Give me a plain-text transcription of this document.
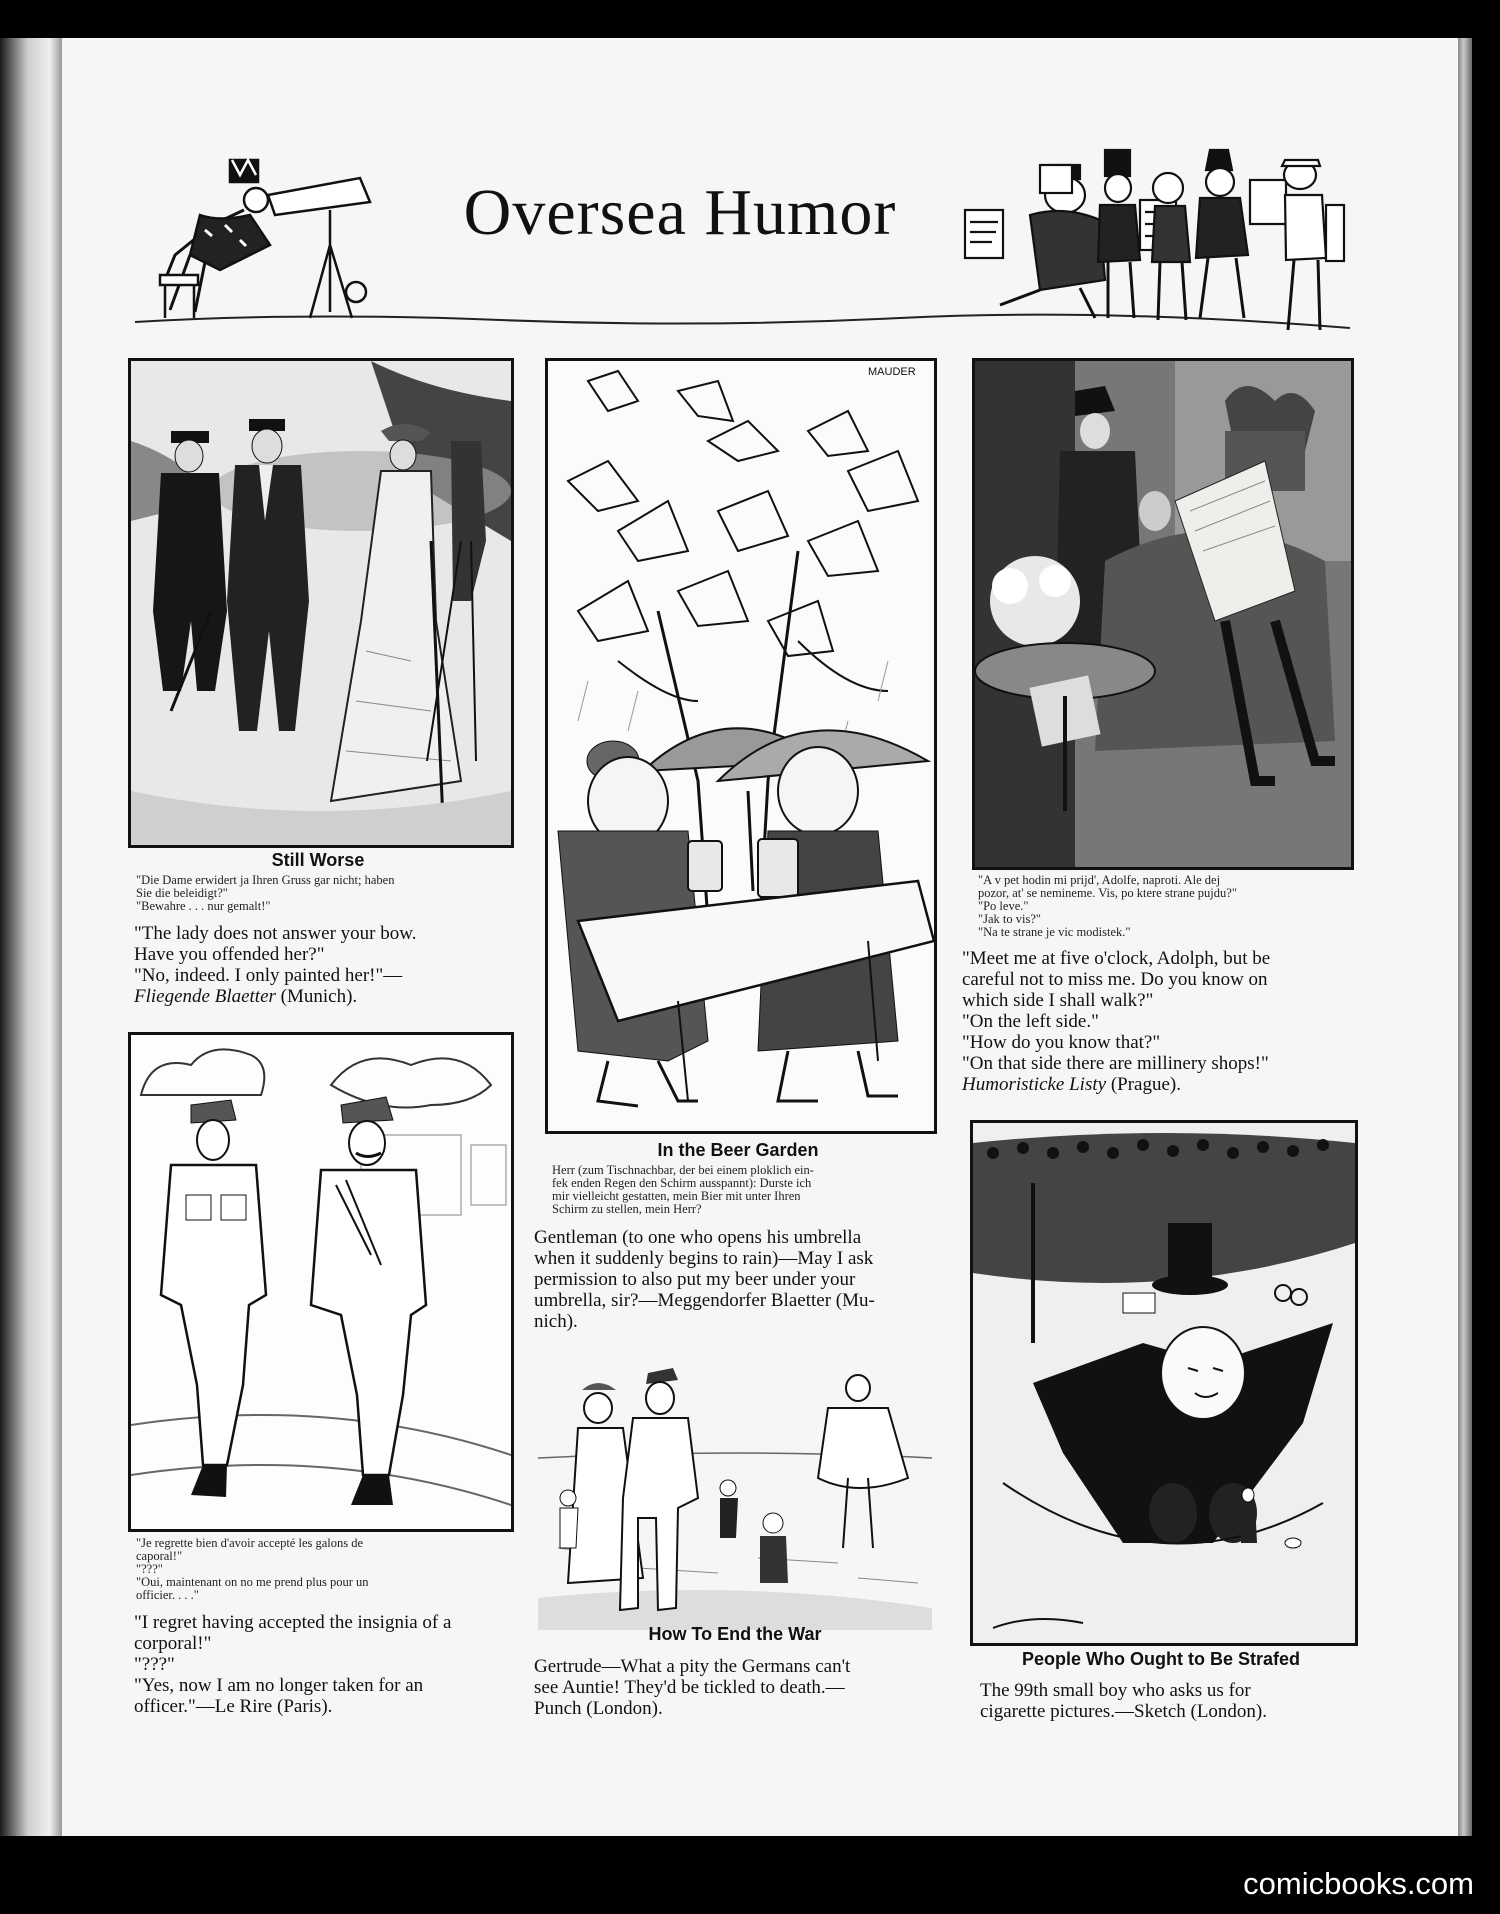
Oversea Humor
Still Worse
"Die Dame erwidert ja Ihren Gruss gar nicht; haben
Sie die beleidigt?"
"Bewahre . . . nur gemalt!"
"The lady does not answer your bow.
Have you offended her?"
"No, indeed. I only painted her!"—
Fliegende Blaetter (Munich).
MAUDER
In the Beer Garden
Herr (zum Tischnachbar, der bei einem ploklich ein-
fek enden Regen den Schirm ausspannt): Durste ich
mir vielleicht gestatten, mein Bier mit unter Ihren
Schirm zu stellen, mein Herr?
Gentleman (to one who opens his umbrella
when it suddenly begins to rain)—May I ask
permission to also put my beer under your
umbrella, sir?—Meggendorfer Blaetter (Mu-
nich).
"A v pet hodin mi prijd', Adolfe, naproti. Ale dej
pozor, at' se nemineme. Vis, po ktere strane pujdu?"
"Po leve."
"Jak to vis?"
"Na te strane je vic modistek."
"Meet me at five o'clock, Adolph, but be
careful not to miss me. Do you know on
which side I shall walk?"
"On the left side."
"How do you know that?"
"On that side there are millinery shops!"
Humoristicke Listy (Prague).
"Je regrette bien d'avoir accepté les galons de
caporal!"
"???"
"Oui, maintenant on no me prend plus pour un
officier. . . ."
"I regret having accepted the insignia of a
corporal!"
"???"
"Yes, now I am no longer taken for an
officer."—Le Rire (Paris).
How To End the War
Gertrude—What a pity the Germans can't
see Auntie! They'd be tickled to death.—
Punch (London).
People Who Ought to Be Strafed
The 99th small boy who asks us for
cigarette pictures.—Sketch (London).
comicbooks.com
